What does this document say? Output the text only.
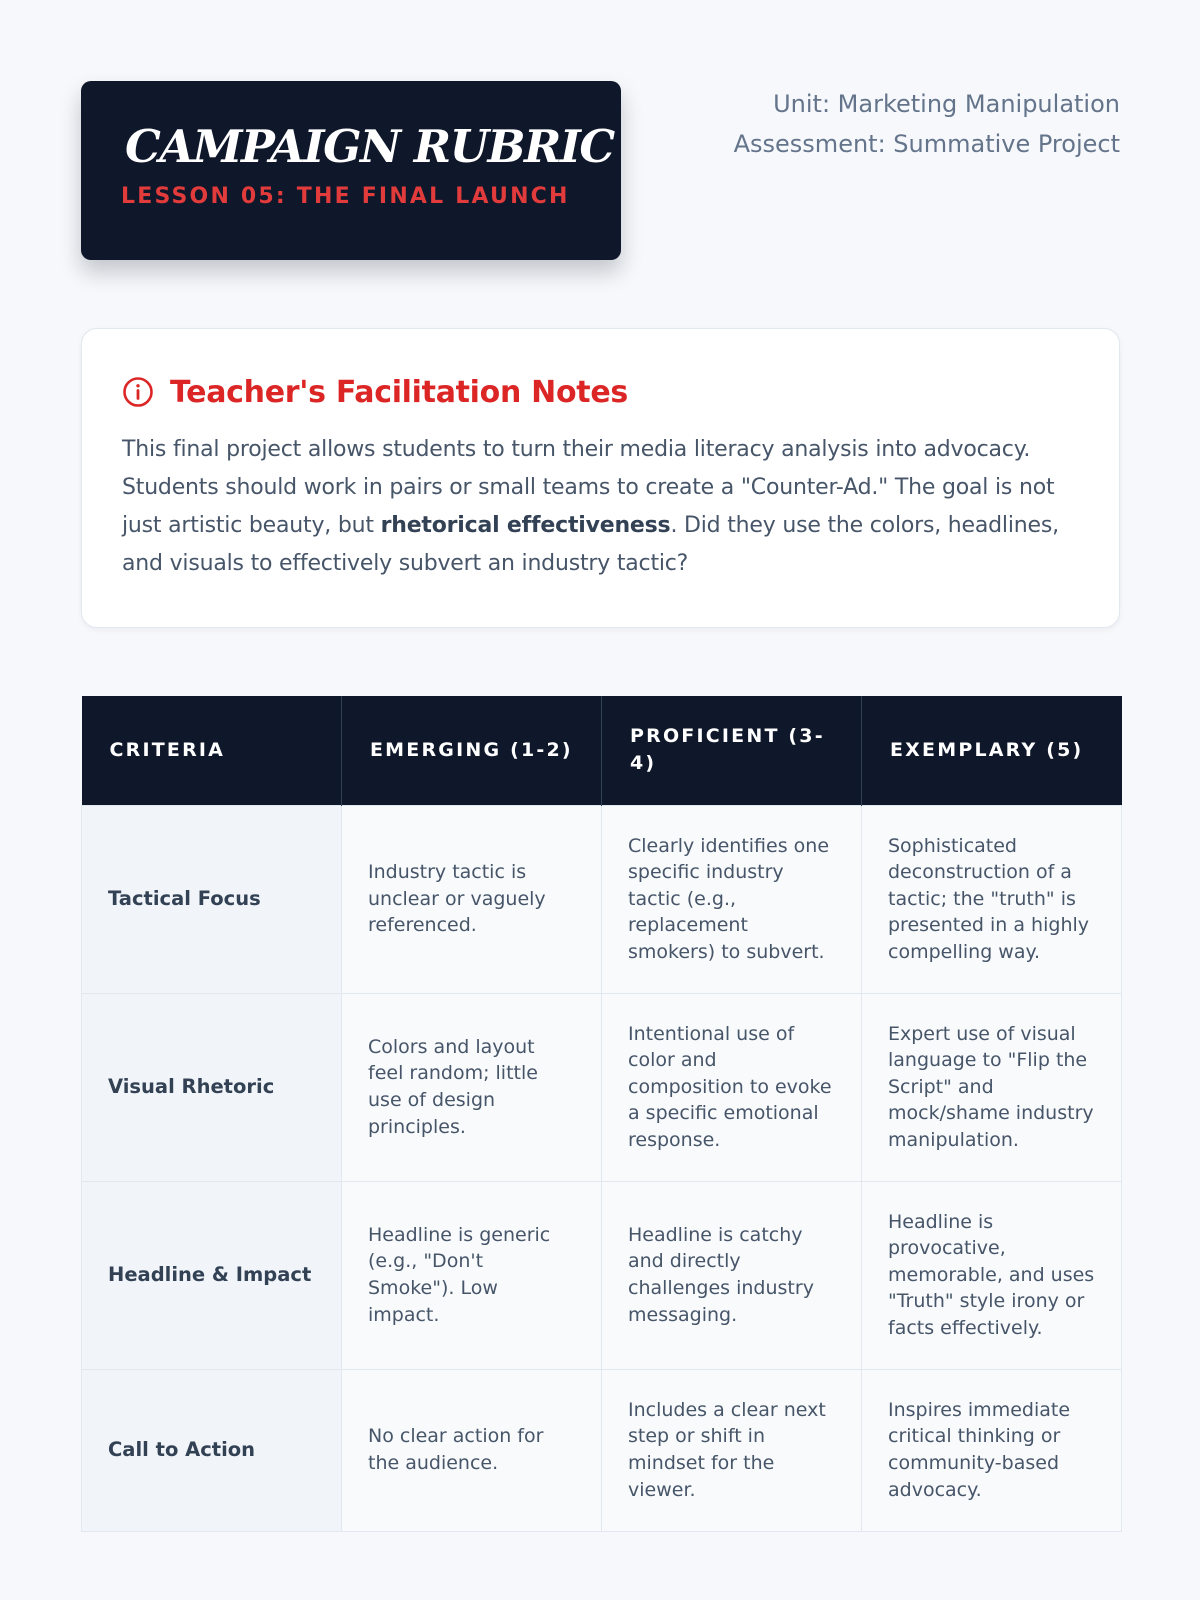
CAMPAIGN RUBRIC
LESSON 05: THE FINAL LAUNCH
Unit: Marketing Manipulation
Assessment: Summative Project
Teacher's Facilitation Notes

This final project allows students to turn their media literacy analysis into advocacy. Students should work in pairs or small teams to create a "Counter-Ad." The goal is not just artistic beauty, but rhetorical effectiveness. Did they use the colors, headlines, and visuals to effectively subvert an industry tactic?

CRITERIA	EMERGING (1-2)	PROFICIENT (3-4)	EXEMPLARY (5)
Tactical Focus	Industry tactic is unclear or vaguely referenced.	Clearly identifies one specific industry tactic (e.g., replacement smokers) to subvert.	Sophisticated deconstruction of a tactic; the "truth" is presented in a highly compelling way.
Visual Rhetoric	Colors and layout feel random; little use of design principles.	Intentional use of color and composition to evoke a specific emotional response.	Expert use of visual language to "Flip the Script" and mock/shame industry manipulation.
Headline & Impact	Headline is generic (e.g., "Don't Smoke"). Low impact.	Headline is catchy and directly challenges industry messaging.	Headline is provocative, memorable, and uses "Truth" style irony or facts effectively.
Call to Action	No clear action for the audience.	Includes a clear next step or shift in mindset for the viewer.	Inspires immediate critical thinking or community-based advocacy.
